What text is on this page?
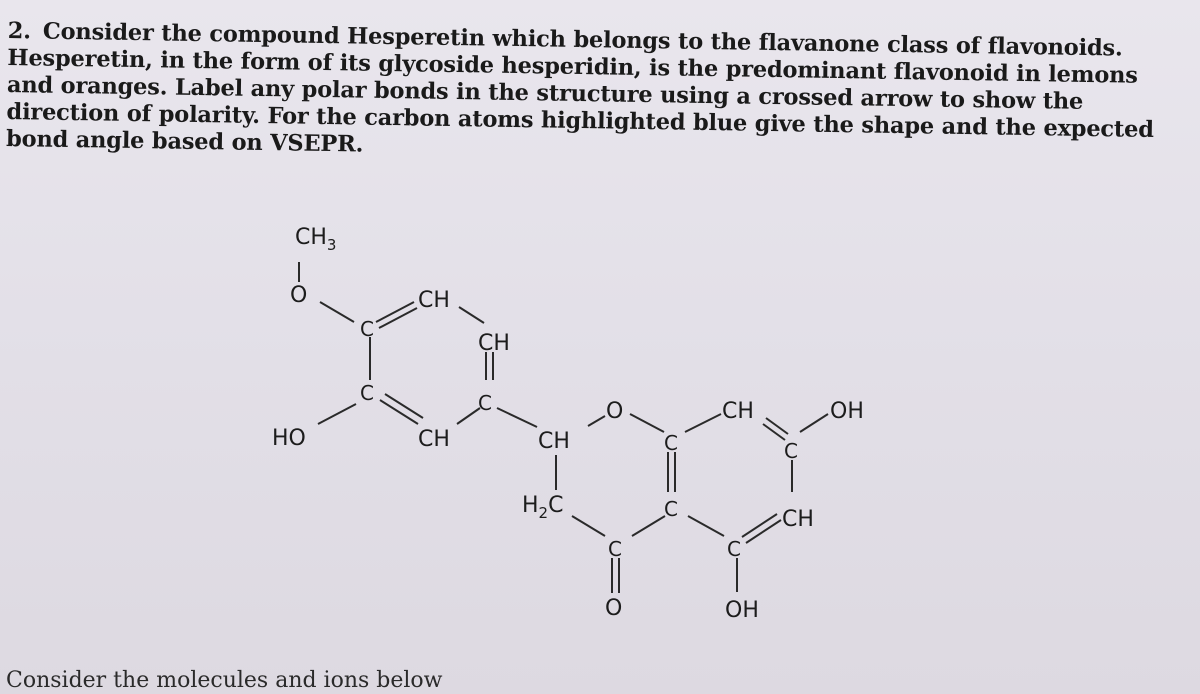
2. Consider the compound Hesperetin which belongs to the flavanone class of flavonoids. Hesperetin, in the form of its glycoside hesperidin, is the predominant flavonoid in lemons and oranges. Label any polar bonds in the structure using a crossed arrow to show the direction of polarity. For the carbon atoms highlighted blue give the shape and the expected bond angle based on VSEPR.
$CH_3$
O
C
CH
CH
C	C
HO	CH	CH
O
$H_2C$
C
O
C
C
CH
C
OH
CH
C
OH
Consider the molecules and ions below
